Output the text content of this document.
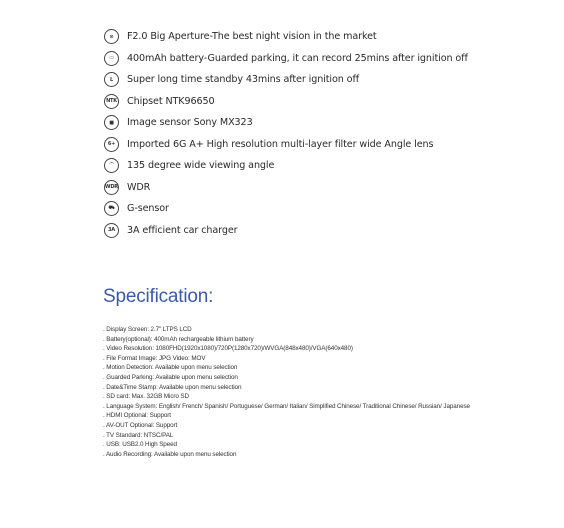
⊙	F2.0 Big Aperture-The best night vision in the market
▭	400mAh battery-Guarded parking, it can record 25mins after ignition off
L	Super long time standby 43mins after ignition off
NTK Chipset NTK96650
■	Image sensor Sony MX323
6+	Imported 6G A+ High resolution multi-layer filter wide Angle lens
⌒	135 degree wide viewing angle
WDR WDR
⛟	G-sensor
3A	3A efficient car charger
Specification:
. Display Screen: 2.7" LTPS LCD
. Battery(optional): 400mAh rechargeable lithium battery
. Video Resolution: 1080FHD(1920x1080)/720P(1280x720)/WVGA(848x480)/VGA(640x480)
. File Format Image: JPG Video: MOV
. Motion Detection: Available upon menu selection
. Guarded Parking: Available upon menu selection
. Date&Time Stamp: Available upon menu selection
. SD card: Max. 32GB Micro SD
. Language System: English/ French/ Spanish/ Portuguese/ German/ Italian/ Simplified Chinese/ Traditional Chinese/ Russian/ Japanese
. HDMI Optional: Support
. AV-OUT Optional: Support
. TV Standard: NTSC/PAL
. USB: USB2.0 High Speed
. Audio Recording: Available upon menu selection
